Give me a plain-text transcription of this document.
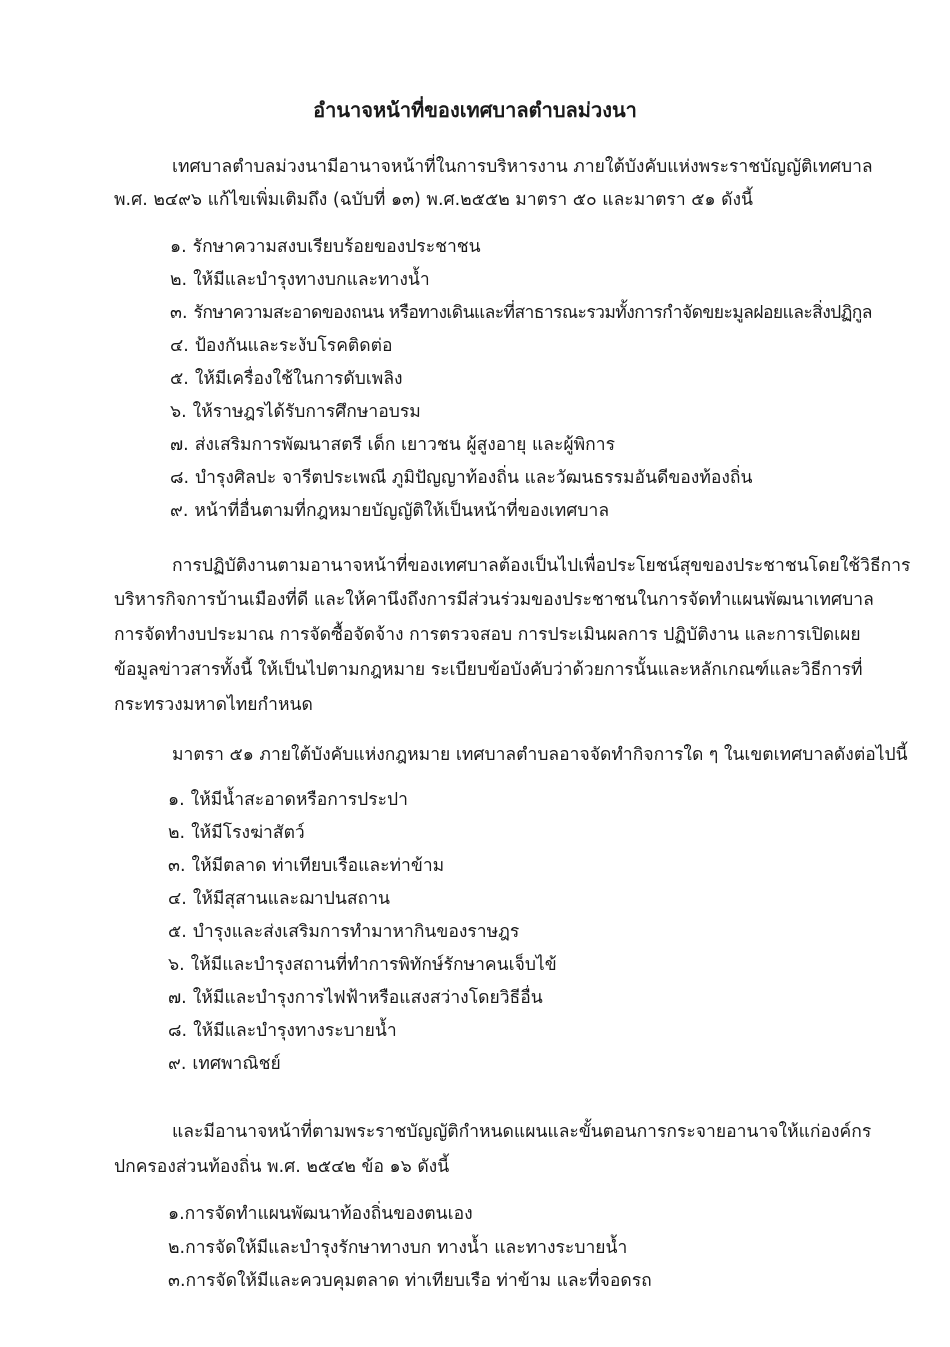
อำนาจหน้าที่ของเทศบาลตำบลม่วงนา
เทศบาลตำบลม่วงนามีอานาจหน้าที่ในการบริหารงาน ภายใต้บังคับแห่งพระราชบัญญัติเทศบาล
พ.ศ. ๒๔๙๖ แก้ไขเพิ่มเติมถึง (ฉบับที่ ๑๓) พ.ศ.๒๕๕๒ มาตรา ๕๐ และมาตรา ๕๑ ดังนี้
๑. รักษาความสงบเรียบร้อยของประชาชน
๒. ให้มีและบำรุงทางบกและทางน้ำ
๓. รักษาความสะอาดของถนน หรือทางเดินและที่สาธารณะรวมทั้งการกำจัดขยะมูลฝอยและสิ่งปฏิกูล
๔. ป้องกันและระงับโรคติดต่อ
๕. ให้มีเครื่องใช้ในการดับเพลิง
๖. ให้ราษฎรได้รับการศึกษาอบรม
๗. ส่งเสริมการพัฒนาสตรี เด็ก เยาวชน ผู้สูงอายุ และผู้พิการ
๘. บำรุงศิลปะ จารีตประเพณี ภูมิปัญญาท้องถิ่น และวัฒนธรรมอันดีของท้องถิ่น
๙. หน้าที่อื่นตามที่กฎหมายบัญญัติให้เป็นหน้าที่ของเทศบาล
การปฏิบัติงานตามอานาจหน้าที่ของเทศบาลต้องเป็นไปเพื่อประโยชน์สุขของประชาชนโดยใช้วิธีการ
บริหารกิจการบ้านเมืองที่ดี และให้คานึงถึงการมีส่วนร่วมของประชาชนในการจัดทำแผนพัฒนาเทศบาล
การจัดทำงบประมาณ การจัดซื้อจัดจ้าง การตรวจสอบ การประเมินผลการ ปฏิบัติงาน และการเปิดเผย
ข้อมูลข่าวสารทั้งนี้ ให้เป็นไปตามกฎหมาย ระเบียบข้อบังคับว่าด้วยการนั้นและหลักเกณฑ์และวิธีการที่
กระทรวงมหาดไทยกำหนด
มาตรา ๕๑ ภายใต้บังคับแห่งกฎหมาย เทศบาลตำบลอาจจัดทำกิจการใด ๆ ในเขตเทศบาลดังต่อไปนี้
๑. ให้มีน้ำสะอาดหรือการประปา
๒. ให้มีโรงฆ่าสัตว์
๓. ให้มีตลาด ท่าเทียบเรือและท่าข้าม
๔. ให้มีสุสานและฌาปนสถาน
๕. บำรุงและส่งเสริมการทำมาหากินของราษฎร
๖. ให้มีและบำรุงสถานที่ทำการพิทักษ์รักษาคนเจ็บไข้
๗. ให้มีและบำรุงการไฟฟ้าหรือแสงสว่างโดยวิธีอื่น
๘. ให้มีและบำรุงทางระบายน้ำ
๙. เทศพาณิชย์
และมีอานาจหน้าที่ตามพระราชบัญญัติกำหนดแผนและขั้นตอนการกระจายอานาจให้แก่องค์กร
ปกครองส่วนท้องถิ่น พ.ศ. ๒๕๔๒ ข้อ ๑๖ ดังนี้
๑.การจัดทำแผนพัฒนาท้องถิ่นของตนเอง
๒.การจัดให้มีและบำรุงรักษาทางบก ทางน้ำ และทางระบายน้ำ
๓.การจัดให้มีและควบคุมตลาด ท่าเทียบเรือ ท่าข้าม และที่จอดรถ
